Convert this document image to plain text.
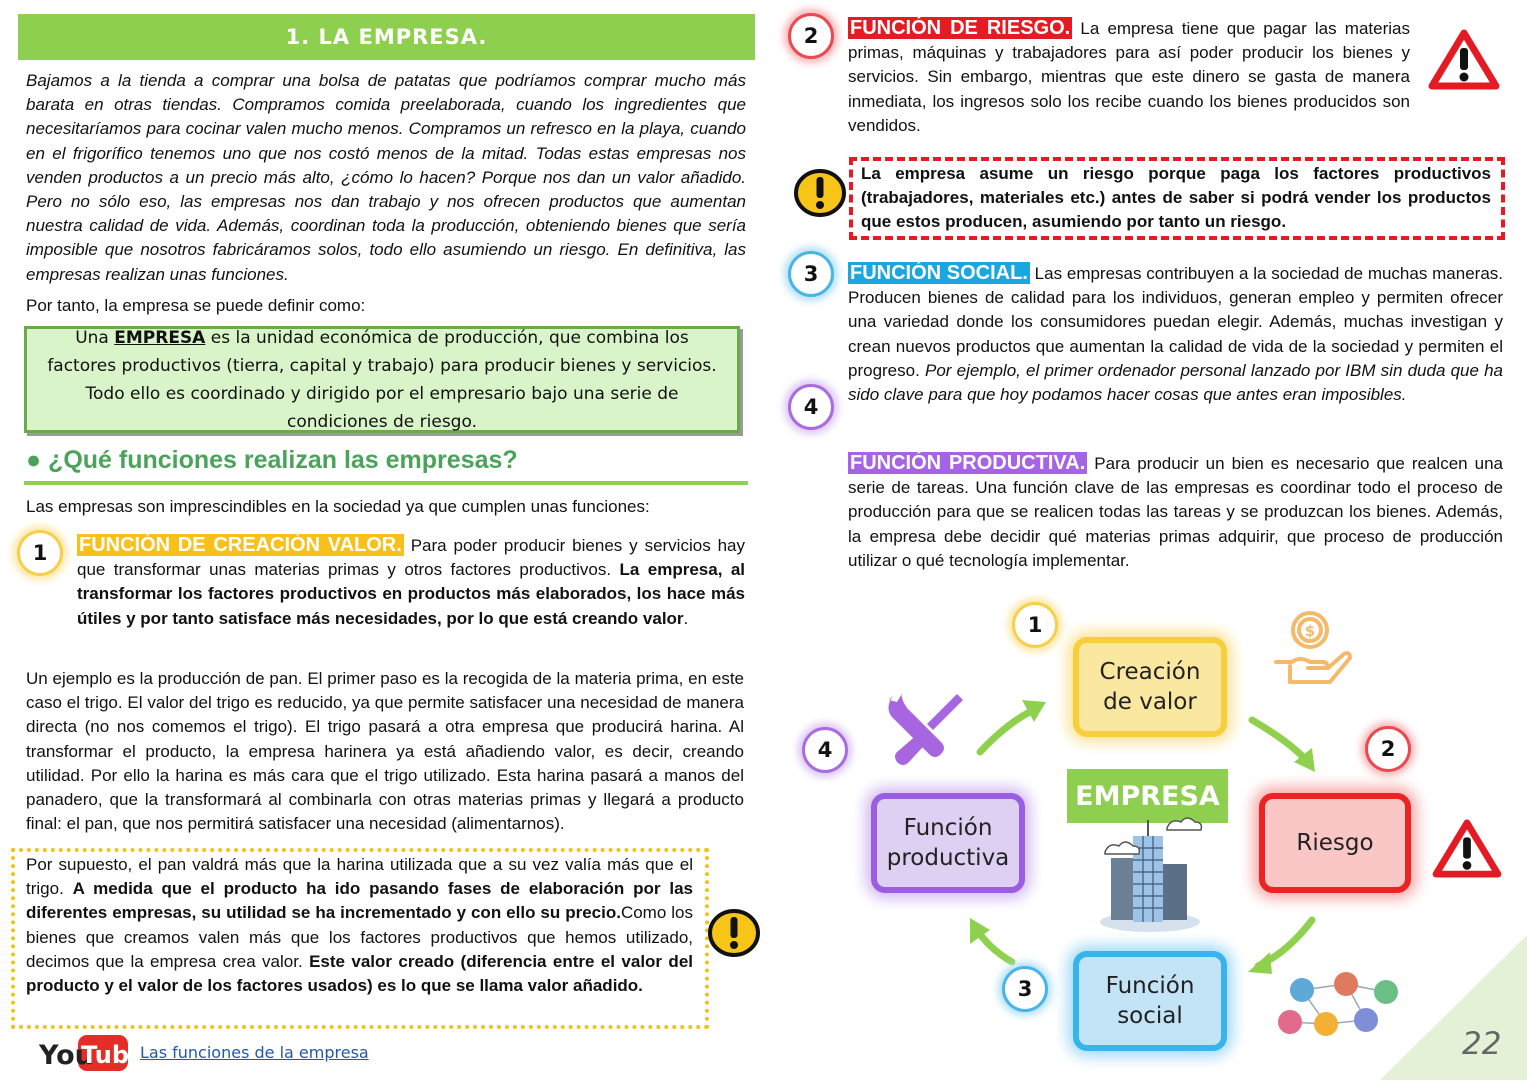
1. LA EMPRESA.

Bajamos a la tienda a comprar una bolsa de patatas que podríamos comprar mucho más barata en otras tiendas. Compramos comida preelaborada, cuando los ingredientes que necesitaríamos para cocinar valen mucho menos. Compramos un refresco en la playa, cuando en el frigorífico tenemos uno que nos costó menos de la mitad. Todas estas empresas nos venden productos a un precio más alto, ¿cómo lo hacen? Porque nos dan un valor añadido. Pero no sólo eso, las empresas nos dan trabajo y nos ofrecen productos que aumentan nuestra calidad de vida. Además, coordinan toda la producción, obteniendo bienes que sería imposible que nosotros fabricáramos solos, todo ello asumiendo un riesgo. En definitiva, las empresas realizan unas funciones.

Por tanto, la empresa se puede definir como:

Una EMPRESA es la unidad económica de producción, que combina los factores productivos (tierra, capital y trabajo) para producir bienes y servicios. Todo ello es coordinado y dirigido por el empresario bajo una serie de condiciones de riesgo.

● ¿Qué funciones realizan las empresas?

Las empresas son imprescindibles en la sociedad ya que cumplen unas funciones:

1	FUNCIÓN DE CREACIÓN VALOR. Para poder producir bienes y servicios hay que transformar unas materias primas y otros factores productivos. La empresa, al transformar los factores productivos en productos más elaborados, los hace más útiles y por tanto satisface más necesidades, por lo que está creando valor.

Un ejemplo es la producción de pan. El primer paso es la recogida de la materia prima, en este caso el trigo. El valor del trigo es reducido, ya que permite satisfacer una necesidad de manera directa (no nos comemos el trigo). El trigo pasará a otra empresa que producirá harina. Al transformar el producto, la empresa harinera ya está añadiendo valor, es decir, creando utilidad. Por ello la harina es más cara que el trigo utilizado. Esta harina pasará a manos del panadero, que la transformará al combinarla con otras materias primas y llegará a producto final: el pan, que nos permitirá satisfacer una necesidad (alimentarnos).

Por supuesto, el pan valdrá más que la harina utilizada que a su vez valía más que el trigo. A medida que el producto ha ido pasando fases de elaboración por las diferentes empresas, su utilidad se ha incrementado y con ello su precio.Como los bienes que creamos valen más que los factores productivos que hemos utilizado, decimos que la empresa crea valor. Este valor creado (diferencia entre el valor del producto y el valor de los factores usados) es lo que se llama valor añadido.

You
Tube
Las funciones de la empresa
2	FUNCIÓN DE RIESGO. La empresa tiene que pagar las materias primas, máquinas y trabajadores para así poder producir los bienes y servicios. Sin embargo, mientras que este dinero se gasta de manera inmediata, los ingresos solo los recibe cuando los bienes producidos son vendidos.

La empresa asume un riesgo porque paga los factores productivos (trabajadores, materiales etc.) antes de saber si podrá vender los productos que estos producen, asumiendo por tanto un riesgo.

3	FUNCIÓN SOCIAL. Las empresas contribuyen a la sociedad de muchas maneras. Producen bienes de calidad para los individuos, generan empleo y permiten ofrecer una variedad donde los consumidores puedan elegir. Además, muchas investigan y crean nuevos productos que aumentan la calidad de vida de la sociedad y permiten el progreso. Por ejemplo, el primer ordenador personal lanzado por IBM sin duda que ha sido clave para que hoy podamos hacer cosas que antes eran imposibles.

4

FUNCIÓN PRODUCTIVA. Para producir un bien es necesario que realcen una serie de tareas. Una función clave de las empresas es coordinar todo el proceso de producción para que se realicen todas las tareas y se produzcan los bienes. Además, la empresa debe decidir qué materias primas adquirir, que proceso de producción utilizar o qué tecnología implementar.

Creación
de valor
Riesgo
Función
social
Función
productiva
EMPRESA
1
2
3
4
$
22
